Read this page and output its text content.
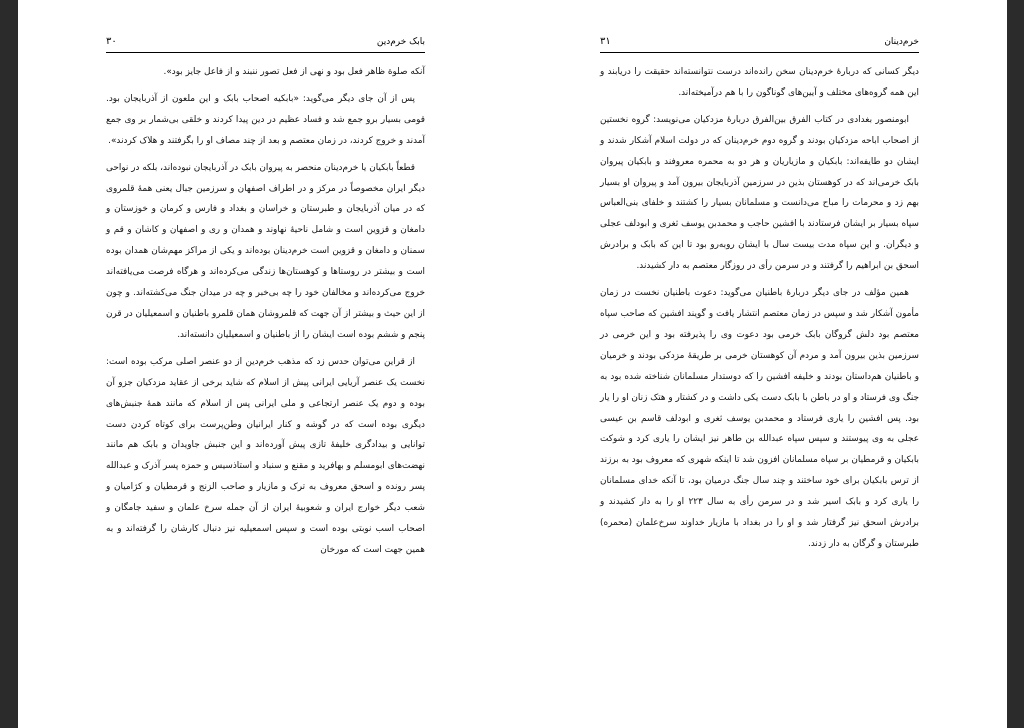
بابک خرم‌دین
۳۰

آنکه صلوة ظاهر فعل بود و نهی از فعل تصور ننبند و از فاعل جایز بود».

پس از آن جای دیگر می‌گوید: «بابکیه اصحاب بابک و این ملعون از آذربایجان بود. قومی بسیار برو جمع شد و فساد عظیم در دین پیدا کردند و خلقی بی‌شمار بر وی جمع آمدند و خروج کردند، در زمان معتصم و بعد از چند مصاف او را بگرفتند و هلاک کردند».

قطعاً بابکیان یا خرم‌دینان منحصر به پیروان بابک در آذربایجان نبوده‌اند، بلکه در نواحی دیگر ایران مخصوصاً در مرکز و در اطراف اصفهان و سرزمین جبال یعنی همهٔ قلمروی که در میان آذربایجان و طبرستان و خراسان و بغداد و فارس و کرمان و خوزستان و دامغان و قزوین است و شامل ناحیهٔ نهاوند و همدان و ری و اصفهان و کاشان و قم و سمنان و دامغان و قزوین است خرم‌دینان بوده‌اند و یکی از مراکز مهم‌شان همدان بوده است و بیشتر در روستاها و کوهستان‌ها زندگی می‌کرده‌اند و هرگاه فرصت می‌یافته‌اند خروج می‌کرده‌اند و مخالفان خود را چه بی‌خبر و چه در میدان جنگ می‌کشته‌اند. و چون از این حیث و بیشتر از آن جهت که قلمروشان همان قلمرو باطنیان و اسمعیلیان در قرن پنجم و ششم بوده است ایشان را از باطنیان و اسمعیلیان دانسته‌اند.

از قراین می‌توان حدس زد که مذهب خرم‌دین از دو عنصر اصلی مرکب بوده است: نخست یک عنصر آریایی ایرانی پیش از اسلام که شاید برخی از عقاید مزدکیان جزو آن بوده و دوم یک عنصر ارتجاعی و ملی ایرانی پس از اسلام که مانند همهٔ جنبش‌های دیگری بوده است که در گوشه و کنار ایرانیان وطن‌پرست برای کوتاه کردن دست توانایی و بیدادگری خلیفهٔ تازی پیش آورده‌اند و این جنبش جاویدان و بابک هم مانند نهضت‌های ابومسلم و بهافرید و مقنع و سنباد و استاذسیس و حمزه پسر آذرک و عبدالله پسر رونده و اسحق معروف به ترک و مازیار و صاحب الزنج و قرمطیان و کژامیان و شعب دیگر خوارج ایران و شعوبیهٔ ایران از آن جمله سرخ علمان و سفید جامگان و اصحاب اسب نوبتی بوده است و سپس اسمعیلیه نیز دنبال کارشان را گرفته‌اند و به همین جهت است که مورخان

خرم‌دینان
۳۱

دیگر کسانی که دربارهٔ خرم‌دینان سخن رانده‌اند درست نتوانسته‌اند حقیقت را دریابند و این همه گروه‌های مختلف و آیین‌های گوناگون را با هم درآمیخته‌اند.

ابومنصور بغدادی در کتاب الفرق بین‌الفرق دربارهٔ مزدکیان می‌نویسد: گروه نخستین از اصحاب اباحه مزدکیان بودند و گروه دوم خرم‌دینان که در دولت اسلام آشکار شدند و ایشان دو طایفه‌اند: بابکیان و مازیاریان و هر دو به محمره معروفند و بابکیان پیروان بابک خرمی‌اند که در کوهستان بذین در سرزمین آذربایجان بیرون آمد و پیروان او بسیار بهم زد و محرمات را مباح می‌دانست و مسلمانان بسیار را کشتند و خلفای بنی‌العباس سپاه بسیار بر ایشان فرستادند با افشین حاجب و محمدبن یوسف ثغری و ابودلف عجلی و دیگران. و این سپاه مدت بیست سال با ایشان روبه‌رو بود تا این که بابک و برادرش اسحق بن ابراهیم را گرفتند و در سرمن رأی در روزگار معتصم به دار کشیدند.

همین مؤلف در جای دیگر دربارهٔ باطنیان می‌گوید: دعوت باطنیان نخست در زمان مأمون آشکار شد و سپس در زمان معتصم انتشار یافت و گویند افشین که صاحب سپاه معتصم بود دلش گروگان بابک خرمی بود دعوت وی را پذیرفته بود و این خرمی در سرزمین بذین بیرون آمد و مردم آن کوهستان خرمی بر طریقهٔ مزدکی بودند و خرمیان و باطنیان هم‌داستان بودند و خلیفه افشین را که دوستدار مسلمانان شناخته شده بود به جنگ وی فرستاد و او در باطن با بابک دست یکی داشت و در کشتار و هتک زنان او را یار بود. پس افشین را یاری فرستاد و محمدبن یوسف ثغری و ابودلف قاسم بن عیسی عجلی به وی پیوستند و سپس سپاه عبدالله بن طاهر نیز ایشان را یاری کرد و شوکت بابکیان و قرمطیان بر سپاه مسلمانان افزون شد تا اینکه شهری که معروف بود به برزند از ترس بابکیان برای خود ساختند و چند سال جنگ درمیان بود، تا آنکه خدای مسلمانان را یاری کرد و بابک اسیر شد و در سرمن رأی به سال ۲۲۳ او را به دار کشیدند و برادرش اسحق نیز گرفتار شد و او را در بغداد با مازیار خداوند سرخ‌علمان (محمره) طبرستان و گرگان به دار زدند.
